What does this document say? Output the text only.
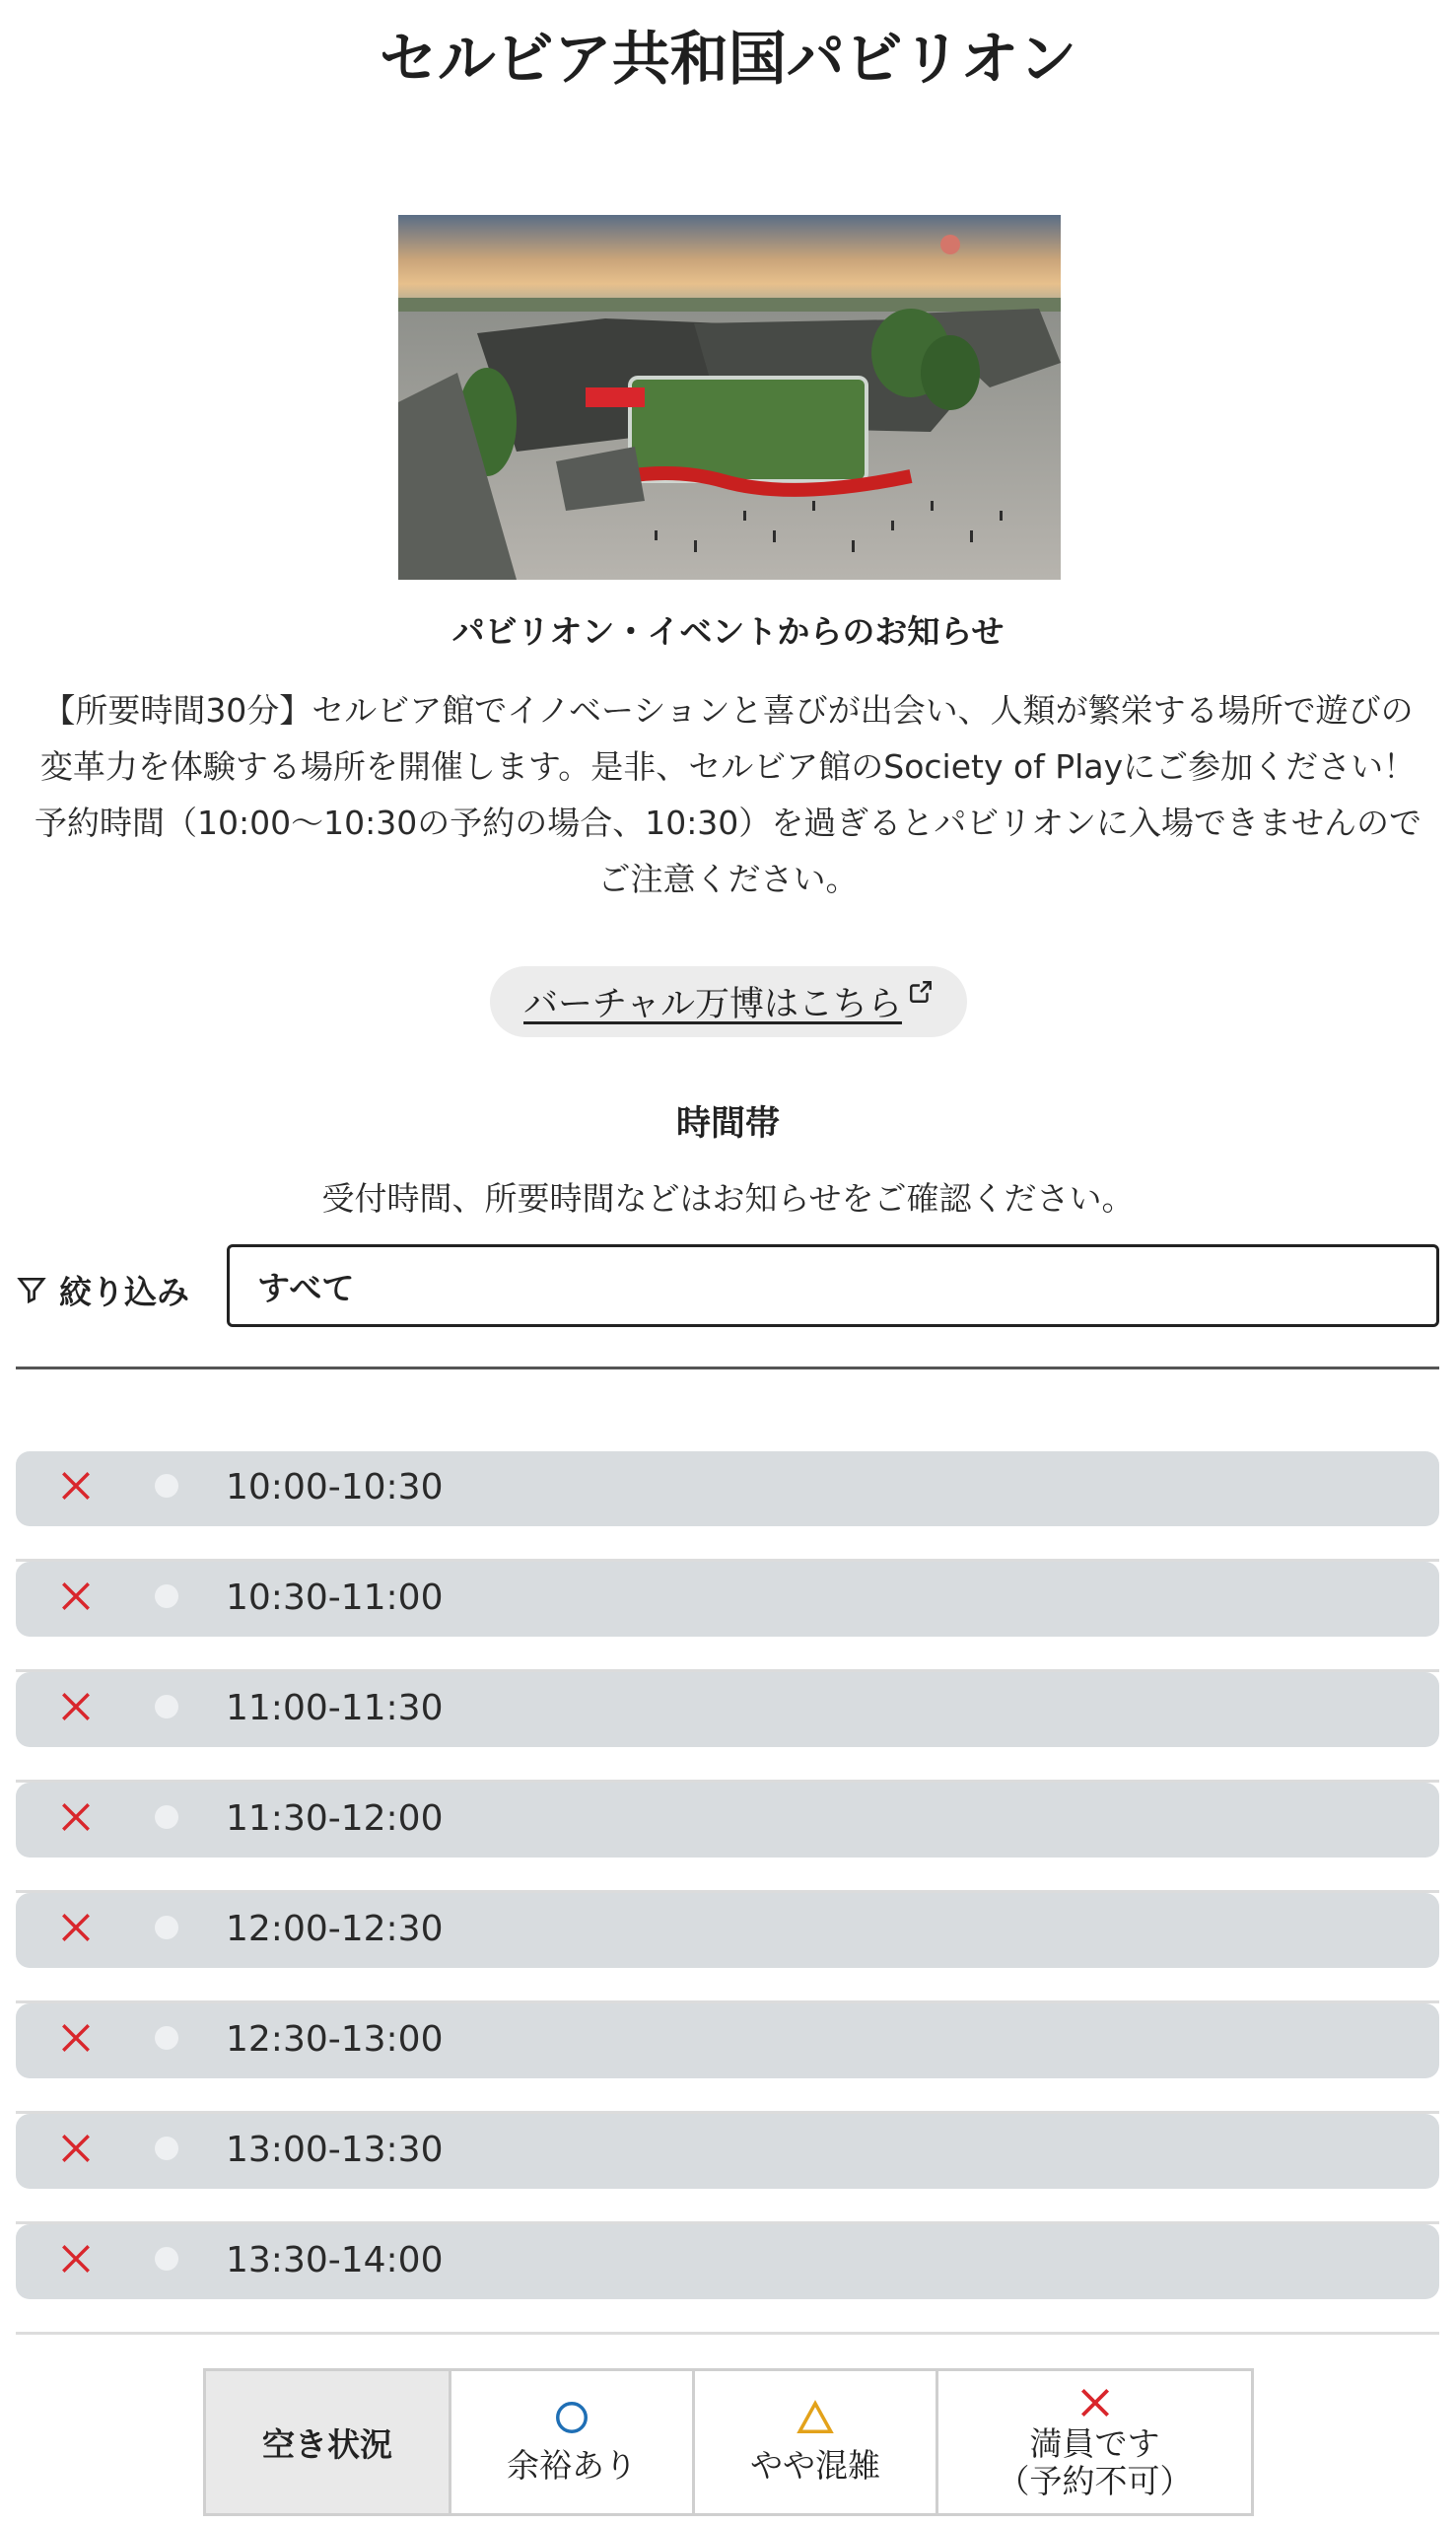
セルビア共和国パビリオン
パビリオン・イベントからのお知らせ

【所要時間30分】セルビア館でイノベーションと喜びが出会い、人類が繁栄する場所で遊びの変革力を体験する場所を開催します。是非、セルビア館のSociety of Playにご参加ください！予約時間（10:00〜10:30の予約の場合、10:30）を過ぎるとパビリオンに入場できませんのでご注意ください。

バーチャル万博はこちら
時間帯

受付時間、所要時間などはお知らせをご確認ください。

絞り込み すべて
10:00-10:30
10:30-11:00
11:00-11:30
11:30-12:00
12:00-12:30
12:30-13:00
13:00-13:30
13:30-14:00
空き状況
余裕あり	やや混雑
満員です
（予約不可）
